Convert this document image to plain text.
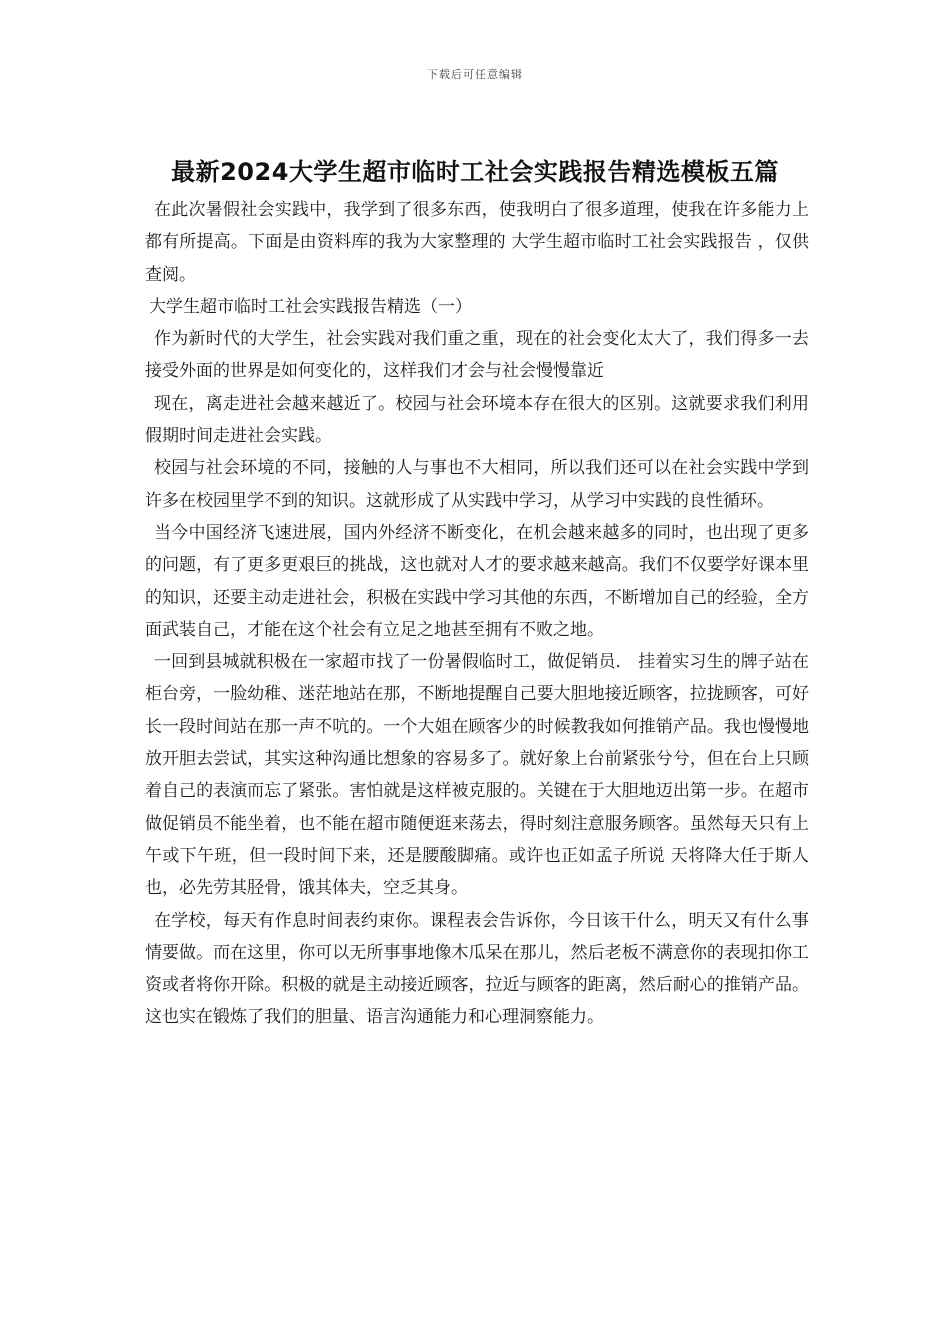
下载后可任意编辑
最新2024大学生超市临时工社会实践报告精选模板五篇

在此次暑假社会实践中，我学到了很多东西，使我明白了很多道理，使我在许多能力上都有所提高。下面是由资料库的我为大家整理的 大学生超市临时工社会实践报告 ，仅供查阅。

大学生超市临时工社会实践报告精选（一）

作为新时代的大学生，社会实践对我们重之重，现在的社会变化太大了，我们得多一去接受外面的世界是如何变化的，这样我们才会与社会慢慢靠近

现在，离走进社会越来越近了。校园与社会环境本存在很大的区别。这就要求我们利用假期时间走进社会实践。

校园与社会环境的不同，接触的人与事也不大相同，所以我们还可以在社会实践中学到许多在校园里学不到的知识。这就形成了从实践中学习，从学习中实践的良性循环。

当今中国经济飞速进展，国内外经济不断变化，在机会越来越多的同时，也出现了更多的问题，有了更多更艰巨的挑战，这也就对人才的要求越来越高。我们不仅要学好课本里的知识，还要主动走进社会，积极在实践中学习其他的东西，不断增加自己的经验，全方面武装自己，才能在这个社会有立足之地甚至拥有不败之地。

一回到县城就积极在一家超市找了一份暑假临时工，做促销员． 挂着实习生的牌子站在柜台旁，一脸幼稚、迷茫地站在那，不断地提醒自己要大胆地接近顾客，拉拢顾客，可好长一段时间站在那一声不吭的。一个大姐在顾客少的时候教我如何推销产品。我也慢慢地放开胆去尝试，其实这种沟通比想象的容易多了。就好象上台前紧张兮兮，但在台上只顾着自己的表演而忘了紧张。害怕就是这样被克服的。关键在于大胆地迈出第一步。在超市做促销员不能坐着，也不能在超市随便逛来荡去，得时刻注意服务顾客。虽然每天只有上午或下午班，但一段时间下来，还是腰酸脚痛。或许也正如孟子所说 天将降大任于斯人也，必先劳其胫骨，饿其体夫，空乏其身。

在学校，每天有作息时间表约束你。课程表会告诉你，今日该干什么，明天又有什么事情要做。而在这里，你可以无所事事地像木瓜呆在那儿，然后老板不满意你的表现扣你工资或者将你开除。积极的就是主动接近顾客，拉近与顾客的距离，然后耐心的推销产品。这也实在锻炼了我们的胆量、语言沟通能力和心理洞察能力。
